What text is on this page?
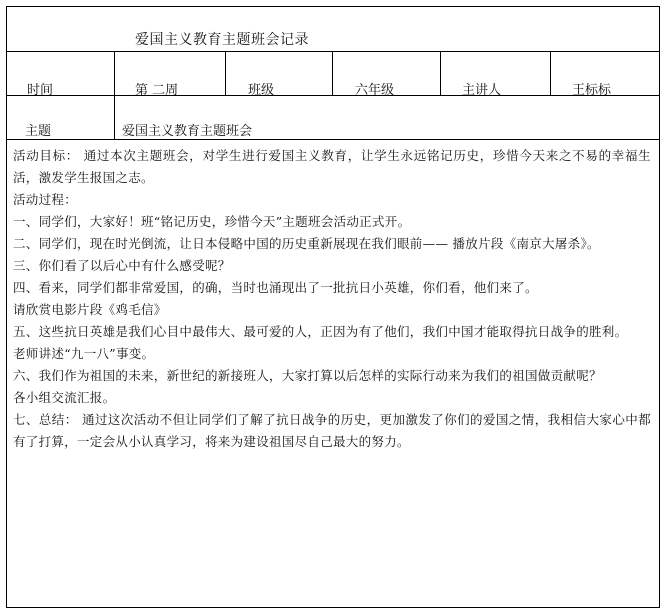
爱国主义教育主题班会记录
时间	第 二周	班级	六年级	主讲人	王标标
主题	爱国主义教育主题班会

活动目标： 通过本次主题班会，对学生进行爱国主义教育，让学生永远铭记历史，珍惜今天来之不易的幸福生活，激发学生报国之志。

活动过程：

一、同学们，大家好！班“铭记历史，珍惜今天”主题班会活动正式开。

二、同学们，现在时光倒流，让日本侵略中国的历史重新展现在我们眼前—— 播放片段《南京大屠杀》。

三、你们看了以后心中有什么感受呢？

四、看来，同学们都非常爱国，的确，当时也涌现出了一批抗日小英雄，你们看，他们来了。

请欣赏电影片段《鸡毛信》

五、这些抗日英雄是我们心目中最伟大、最可爱的人，正因为有了他们，我们中国才能取得抗日战争的胜利。

老师讲述“九一八”事变。

六、我们作为祖国的未来，新世纪的新接班人，大家打算以后怎样的实际行动来为我们的祖国做贡献呢？

各小组交流汇报。

七、总结： 通过这次活动不但让同学们了解了抗日战争的历史，更加激发了你们的爱国之情，我相信大家心中都有了打算，一定会从小认真学习，将来为建设祖国尽自己最大的努力。
